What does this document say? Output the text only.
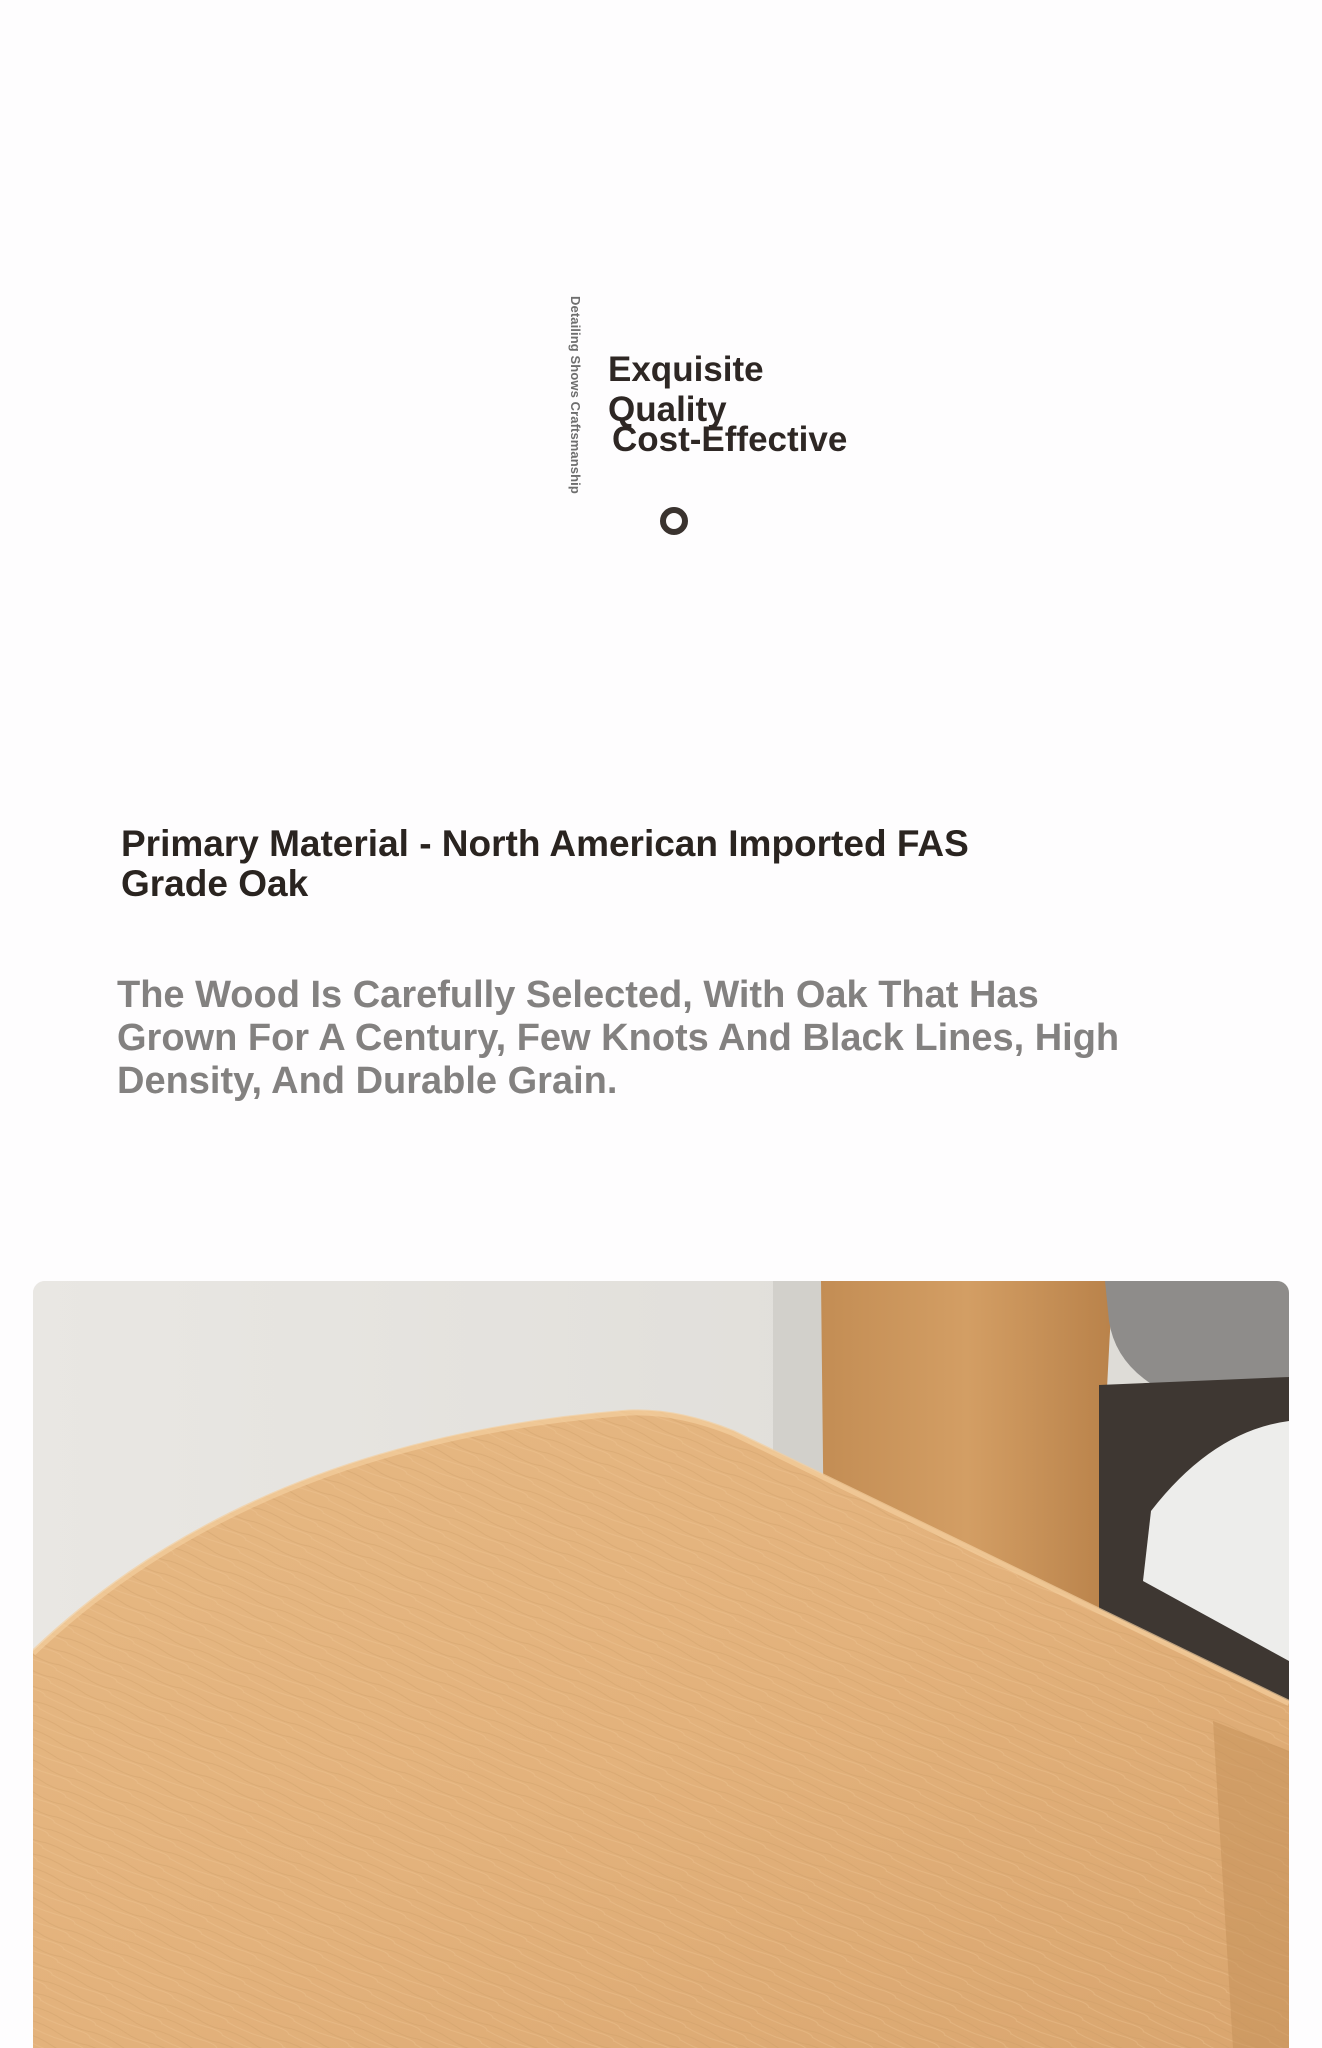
Detailing Shows Craftsmanship Exquisite
Quality
Cost-Effective
Primary Material - North American Imported FAS Grade Oak
The Wood Is Carefully Selected, With Oak That Has Grown For A Century, Few Knots And Black Lines, High Density, And Durable Grain.
